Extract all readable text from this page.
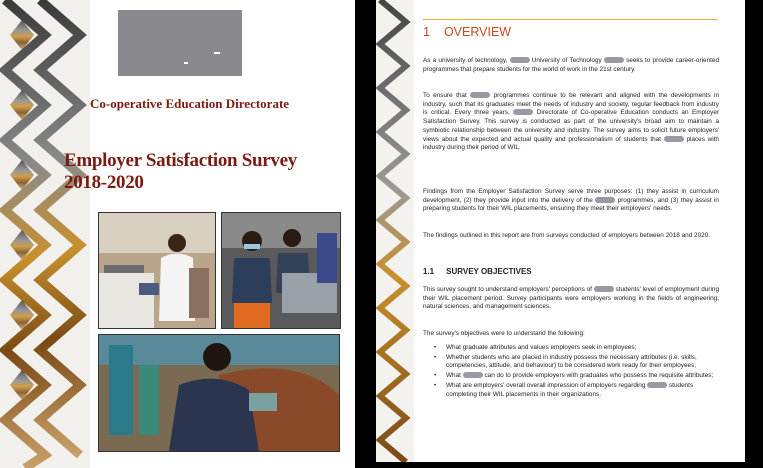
Co-operative Education Directorate
Employer Satisfaction Survey 2018-2020
1 OVERVIEW
As a university of technology,	University of Technology	seeks to provide career-oriented programmes that prepare students for the world of work in the 21st century.
To ensure that	programmes continue to be relevant and aligned with the developments in industry, such that its graduates meet the needs of industry and society, regular feedback from industry is critical. Every three years,	Directorate of Co-operative Education conducts an Employer Satisfaction Survey. This survey is conducted as part of the university's broad aim to maintain a symbiotic relationship between the university and industry. The survey aims to solicit future employers' views about the expected and actual quality and professionalism of students that	places with industry during their period of WIL.
Findings from the Employer Satisfaction Survey serve three purposes: (1) they assist in curriculum development, (2) they provide input into the delivery of the	programmes, and (3) they assist in preparing students for their WIL placements, ensuring they meet their employers' needs.
The findings outlined in this report are from surveys conducted of employers between 2018 and 2020.
1.1 SURVEY OBJECTIVES
This survey sought to understand employers' perceptions of	students' level of employment during their WIL placement period. Survey participants were employers working in the fields of engineering, natural sciences, and management sciences.
The survey's objectives were to understand the following:
• What graduate attributes and values employers seek in employees;
• Whether students who are placed in industry possess the necessary attributes (i.e. skills, competencies, attitude, and behaviour) to be considered work ready for their employees;
• What	can do to provide employers with graduates who possess the requisite attributes;
• What are employers' overall overall impression of employers regarding	students completing their WIL placements in their organizations.
